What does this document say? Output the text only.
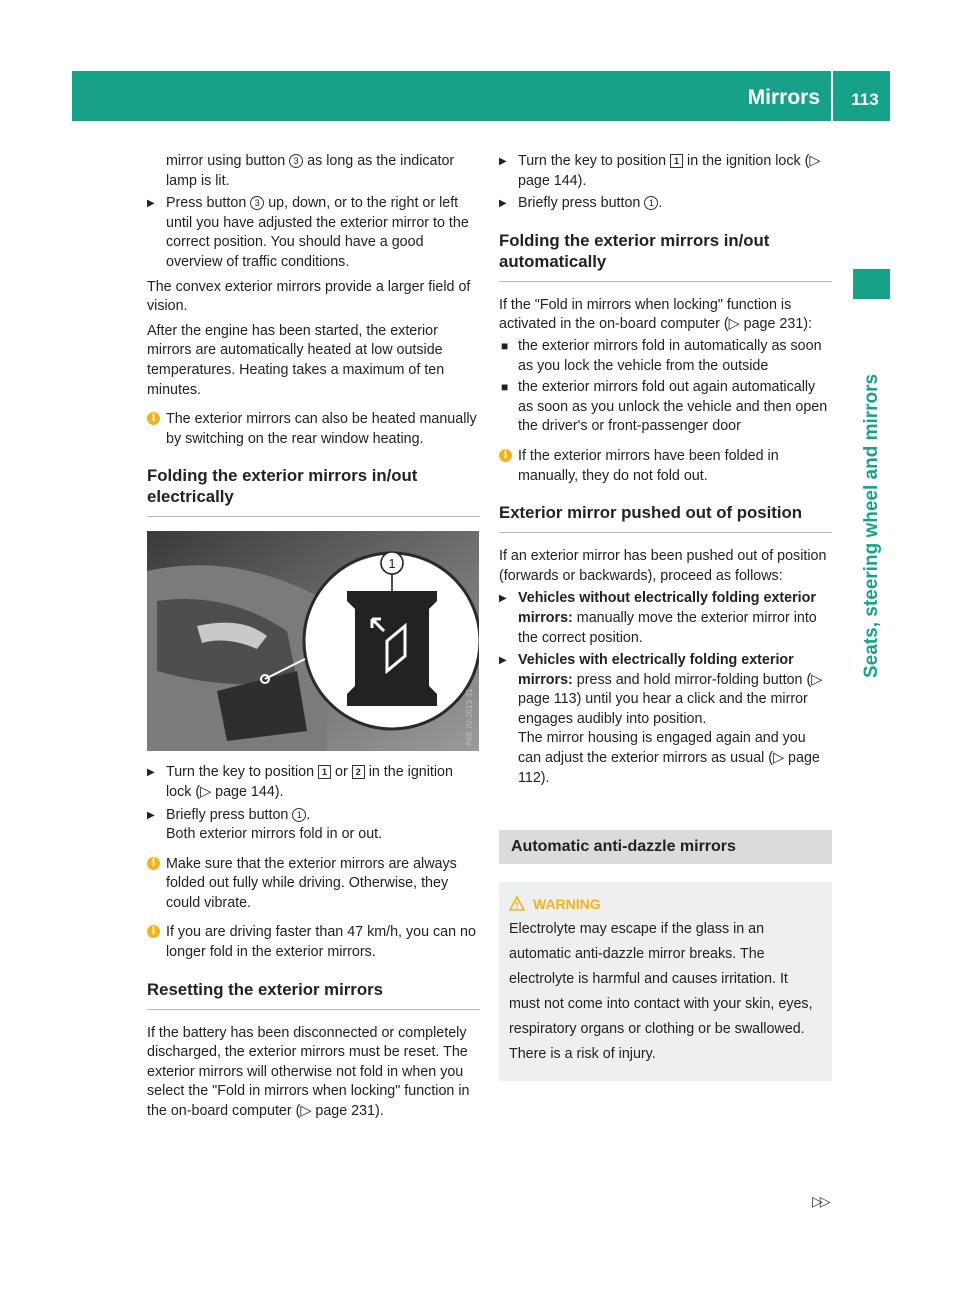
Mirrors	113
Seats, steering wheel and mirrors

mirror using button 3 as long as the indicator lamp is lit.

▶ Press button 3 up, down, or to the right or left until you have adjusted the exterior mirror to the correct position. You should have a good overview of traffic conditions.

The convex exterior mirrors provide a larger field of vision.

After the engine has been started, the exterior mirrors are automatically heated at low outside temperatures. Heating takes a maximum of ten minutes.

i The exterior mirrors can also be heated manually by switching on the rear window heating.
Folding the exterior mirrors in/out electrically
1
P68.70-2613-31
▶ Turn the key to position 1 or 2 in the ignition lock (▷ page 144).
▶ Briefly press button 1 .
Both exterior mirrors fold in or out.
i Make sure that the exterior mirrors are always folded out fully while driving. Otherwise, they could vibrate.
i If you are driving faster than 47 km/h, you can no longer fold in the exterior mirrors.
Resetting the exterior mirrors

If the battery has been disconnected or completely discharged, the exterior mirrors must be reset. The exterior mirrors will otherwise not fold in when you select the "Fold in mirrors when locking" function in the on-board computer (▷ page 231).

▶ Turn the key to position 1 in the ignition lock (▷ page 144).
▶ Briefly press button 1 .
Folding the exterior mirrors in/out automatically

If the "Fold in mirrors when locking" function is activated in the on-board computer (▷ page 231):

■ the exterior mirrors fold in automatically as soon as you lock the vehicle from the outside
■ the exterior mirrors fold out again automatically as soon as you unlock the vehicle and then open the driver's or front-passenger door
i If the exterior mirrors have been folded in manually, they do not fold out.
Exterior mirror pushed out of position

If an exterior mirror has been pushed out of position (forwards or backwards), proceed as follows:

▶ Vehicles without electrically folding exterior mirrors: manually move the exterior mirror into the correct position.
▶ Vehicles with electrically folding exterior mirrors: press and hold mirror-folding button (▷ page 113) until you hear a click and the mirror engages audibly into position.
The mirror housing is engaged again and you can adjust the exterior mirrors as usual (▷ page 112).
Automatic anti-dazzle mirrors
WARNING
Electrolyte may escape if the glass in an automatic anti-dazzle mirror breaks. The electrolyte is harmful and causes irritation. It must not come into contact with your skin, eyes, respiratory organs or clothing or be swallowed. There is a risk of injury.
▷▷
